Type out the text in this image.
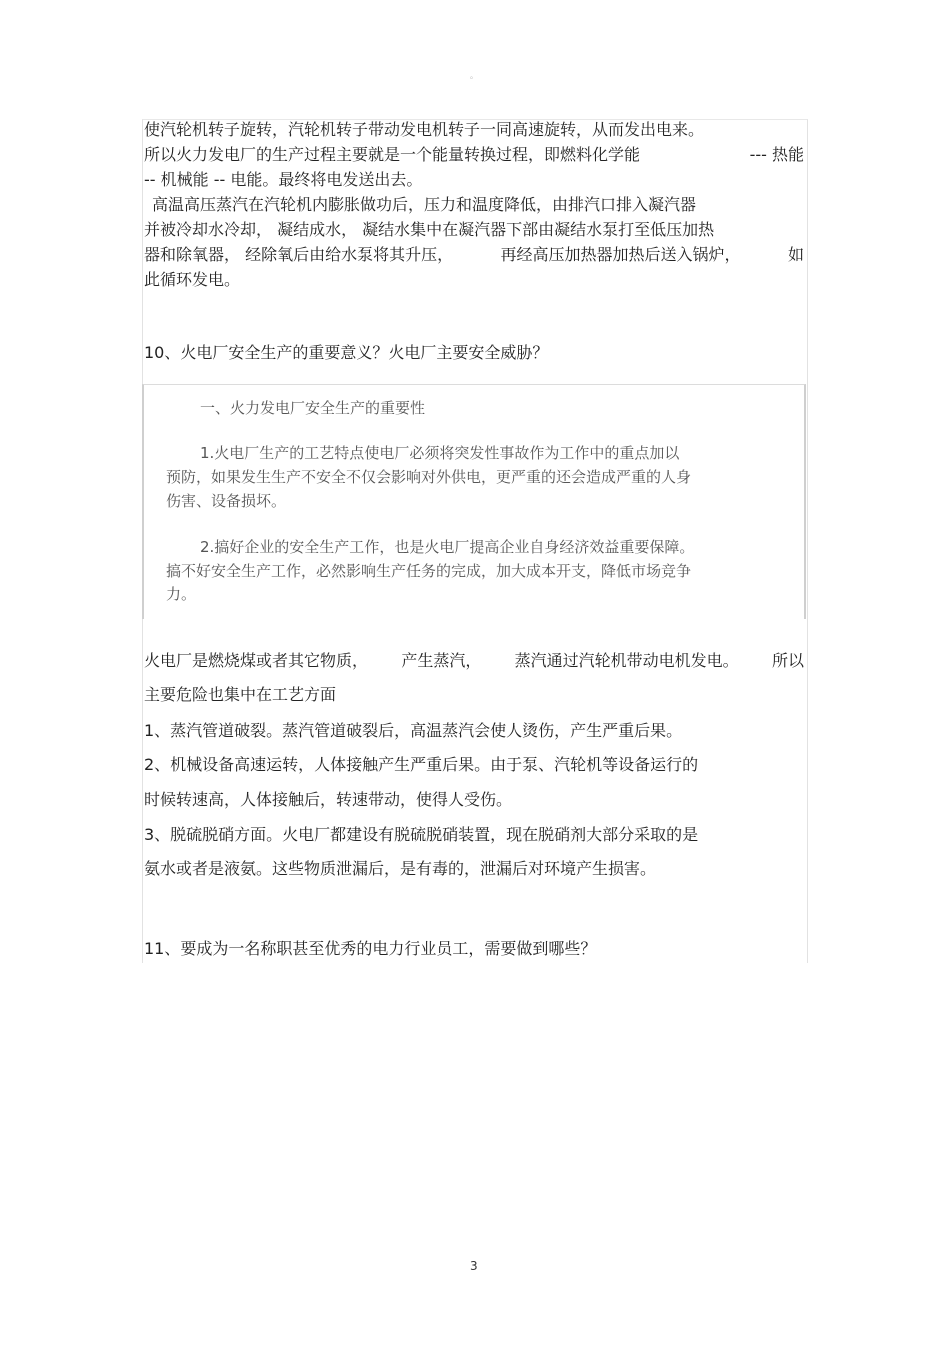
。
使汽轮机转子旋转，汽轮机转子带动发电机转子一同高速旋转，从而发出电来。
所以火力发电厂的生产过程主要就是一个能量转换过程，即燃料化学能	--- 热能
-- 机械能 -- 电能。最终将电发送出去。
高温高压蒸汽在汽轮机内膨胀做功后，压力和温度降低，由排汽口排入凝汽器
并被冷却水冷却， 凝结成水， 凝结水集中在凝汽器下部由凝结水泵打至低压加热
器和除氧器， 经除氧后由给水泵将其升压，	再经高压加热器加热后送入锅炉，	如
此循环发电。
10、火电厂安全生产的重要意义？火电厂主要安全威胁？
一、火力发电厂安全生产的重要性
1.火电厂生产的工艺特点使电厂必须将突发性事故作为工作中的重点加以
预防，如果发生生产不安全不仅会影响对外供电，更严重的还会造成严重的人身
伤害、设备损坏。
2.搞好企业的安全生产工作，也是火电厂提高企业自身经济效益重要保障。
搞不好安全生产工作，必然影响生产任务的完成，加大成本开支，降低市场竞争
力。
火电厂是燃烧煤或者其它物质， 产生蒸汽， 蒸汽通过汽轮机带动电机发电。 所以
主要危险也集中在工艺方面
1、蒸汽管道破裂。蒸汽管道破裂后，高温蒸汽会使人烫伤，产生严重后果。
2、机械设备高速运转，人体接触产生严重后果。由于泵、汽轮机等设备运行的
时候转速高，人体接触后，转速带动，使得人受伤。
3、脱硫脱硝方面。火电厂都建设有脱硫脱硝装置，现在脱硝剂大部分采取的是
氨水或者是液氨。这些物质泄漏后，是有毒的，泄漏后对环境产生损害。
11、要成为一名称职甚至优秀的电力行业员工，需要做到哪些？
3
